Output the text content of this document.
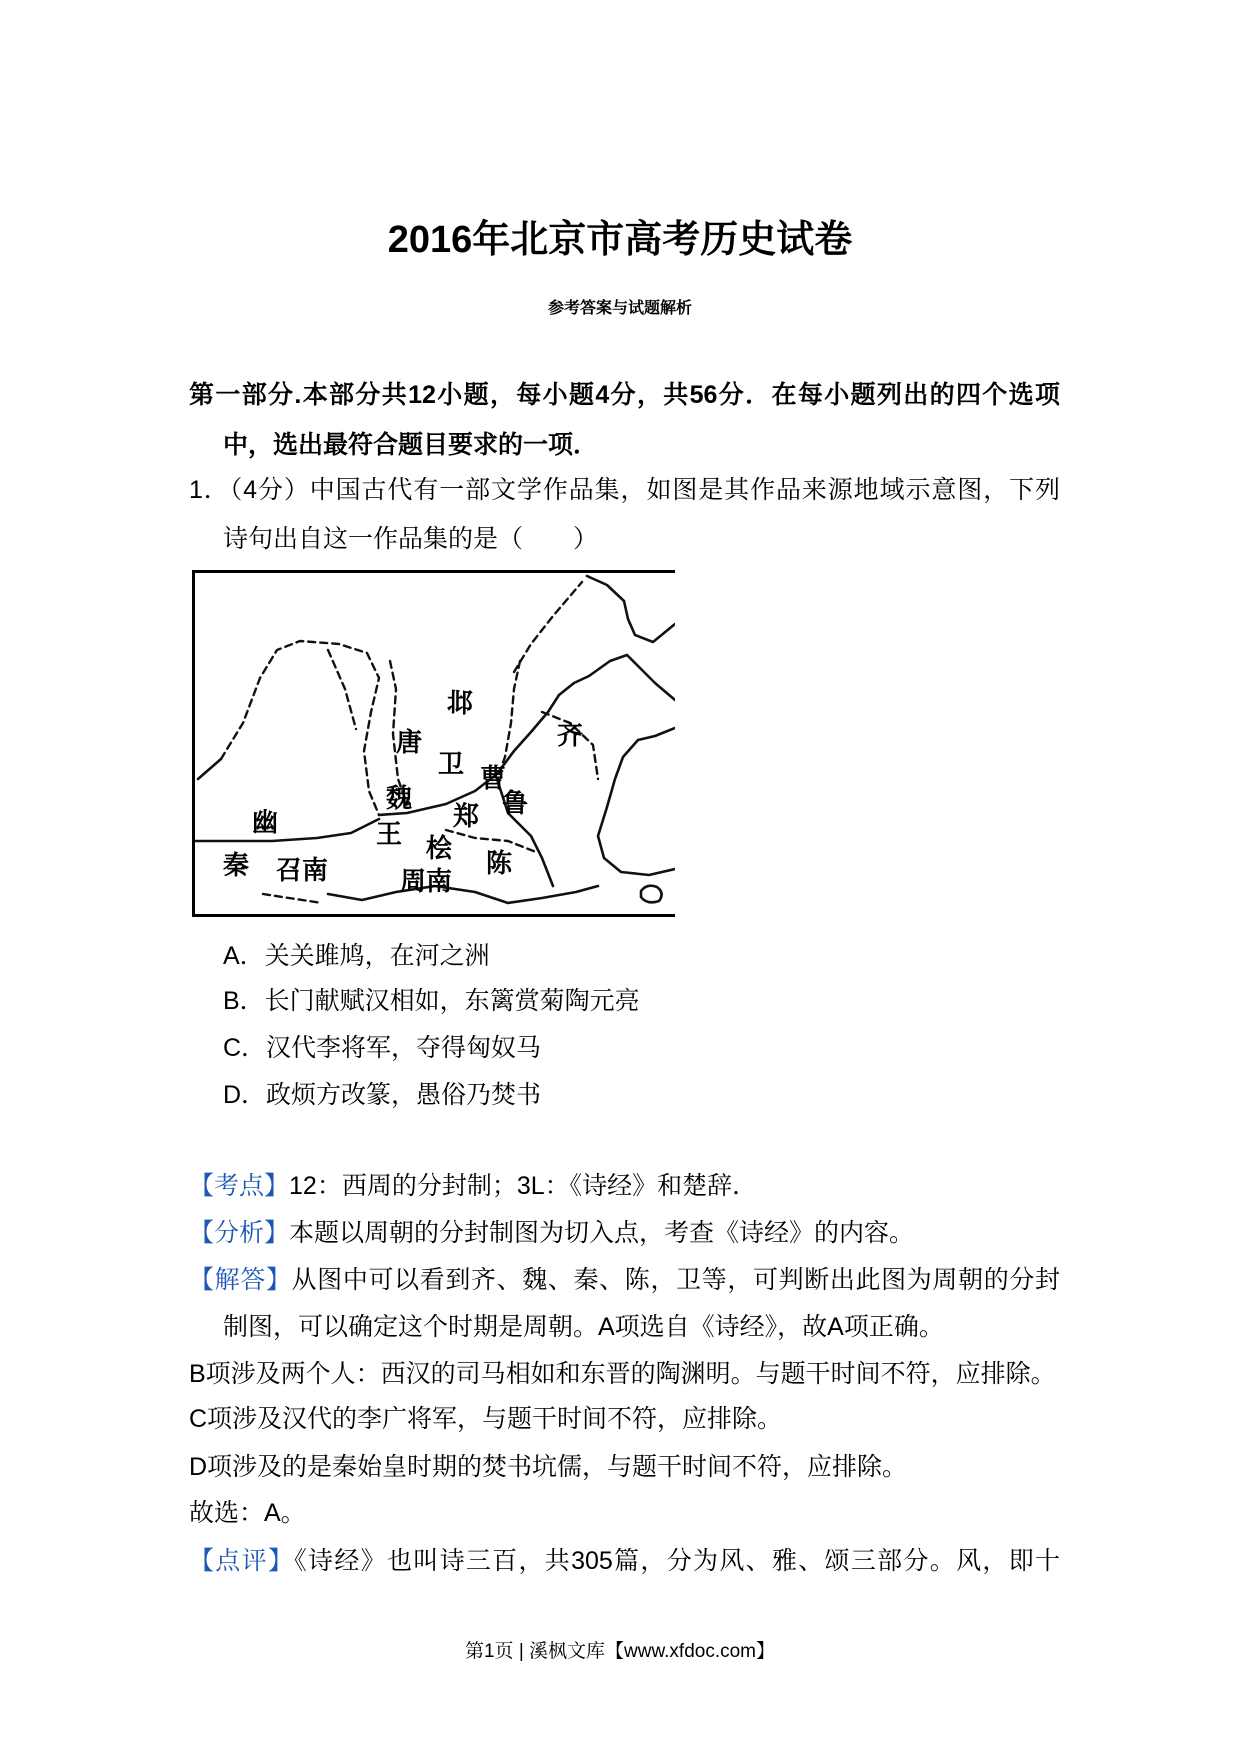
2016年北京市高考历史试卷
参考答案与试题解析
第一部分.本部分共12小题，每小题4分，共56分．在每小题列出的四个选项
中，选出最符合题目要求的一项．
1．（4分）中国古代有一部文学作品集，如图是其作品来源地域示意图，下列
诗句出自这一作品集的是（　　）
邶
唐
卫
齐
曹
魏
郑 鲁
幽	王 桧 陈
秦 召南	周南
A．关关雎鸠，在河之洲
B．长门献赋汉相如，东篱赏菊陶元亮
C．汉代李将军，夺得匈奴马
D．政烦方改篆，愚俗乃焚书
【考点】12：西周的分封制；3L：《诗经》和楚辞．
【分析】本题以周朝的分封制图为切入点，考查《诗经》的内容。
【解答】从图中可以看到齐、魏、秦、陈，卫等，可判断出此图为周朝的分封
制图，可以确定这个时期是周朝。A项选自《诗经》，故A项正确。
B项涉及两个人：西汉的司马相如和东晋的陶渊明。与题干时间不符，应排除。
C项涉及汉代的李广将军，与题干时间不符，应排除。
D项涉及的是秦始皇时期的焚书坑儒，与题干时间不符，应排除。
故选：A。
【点评】《诗经》也叫诗三百，共305篇，分为风、雅、颂三部分。风，即十
第1页 | 溪枫文库【www.xfdoc.com】
